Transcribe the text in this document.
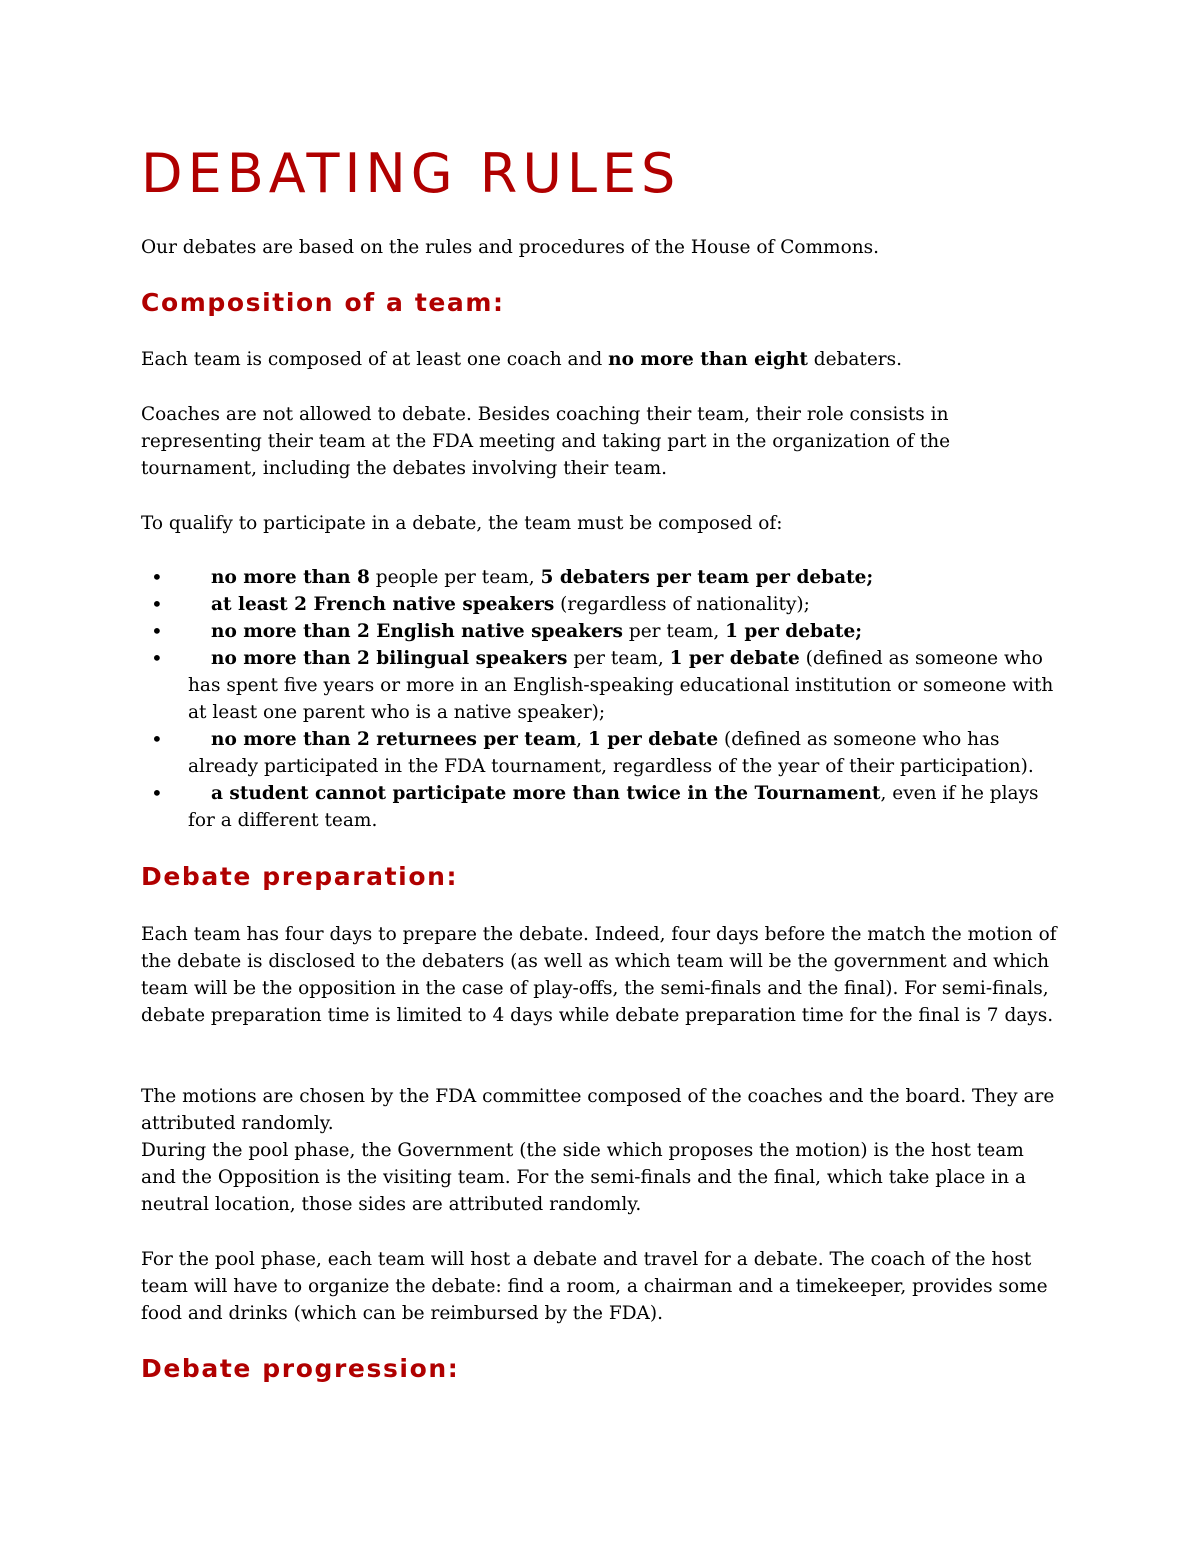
DEBATING RULES

Our debates are based on the rules and procedures of the House of Commons.

Composition of a team:

Each team is composed of at least one coach and no more than eight debaters.

Coaches are not allowed to debate. Besides coaching their team, their role consists in representing their team at the FDA meeting and taking part in the organization of the tournament, including the debates involving their team.

To qualify to participate in a debate, the team must be composed of:

•	no more than 8 people per team, 5 debaters per team per debate;
•	at least 2 French native speakers (regardless of nationality);
•	no more than 2 English native speakers per team, 1 per debate;
•	no more than 2 bilingual speakers per team, 1 per debate (defined as someone who has spent five years or more in an English-speaking educational institution or someone with at least one parent who is a native speaker);
•	no more than 2 returnees per team, 1 per debate (defined as someone who has already participated in the FDA tournament, regardless of the year of their participation).
•	a student cannot participate more than twice in the Tournament, even if he plays for a different team.
Debate preparation:

Each team has four days to prepare the debate. Indeed, four days before the match the motion of the debate is disclosed to the debaters (as well as which team will be the government and which team will be the opposition in the case of play-offs, the semi-finals and the final). For semi-finals, debate preparation time is limited to 4 days while debate preparation time for the final is 7 days.

The motions are chosen by the FDA committee composed of the coaches and the board. They are attributed randomly.

During the pool phase, the Government (the side which proposes the motion) is the host team and the Opposition is the visiting team. For the semi-finals and the final, which take place in a neutral location, those sides are attributed randomly.

For the pool phase, each team will host a debate and travel for a debate. The coach of the host team will have to organize the debate: find a room, a chairman and a timekeeper, provides some food and drinks (which can be reimbursed by the FDA).

Debate progression:
